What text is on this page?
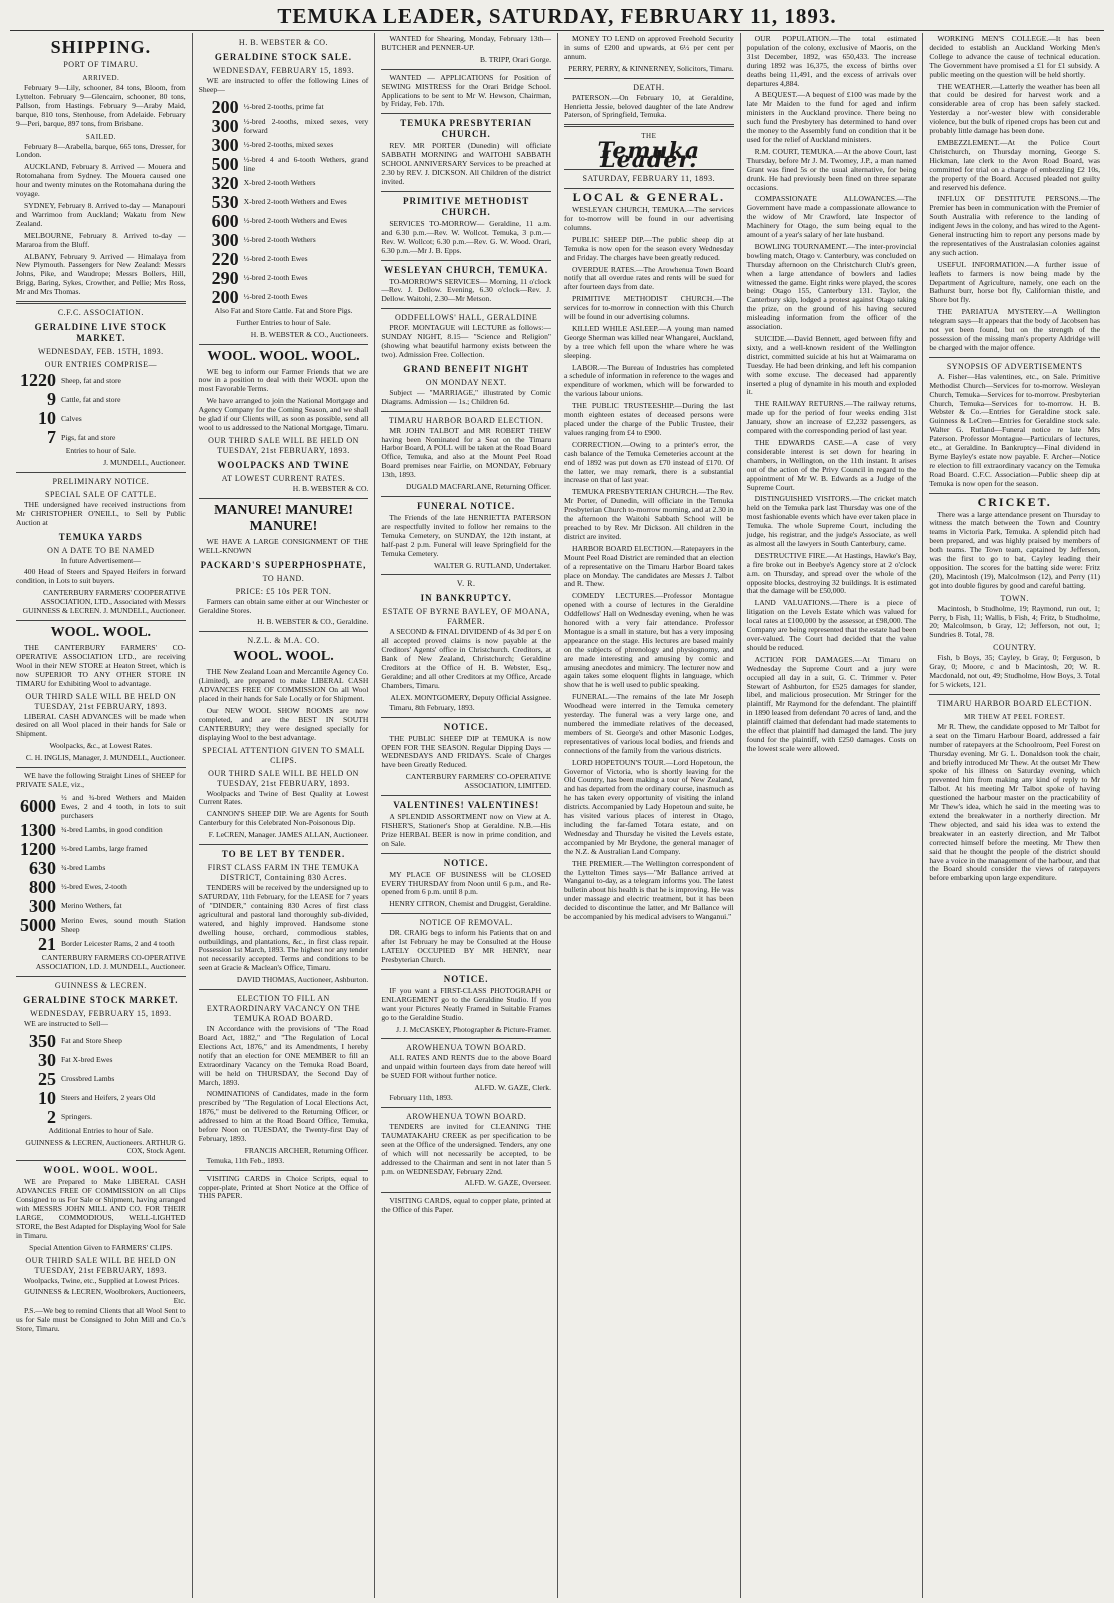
TEMUKA LEADER, SATURDAY, FEBRUARY 11, 1893.
SHIPPING.
PORT OF TIMARU.
ARRIVED.

February 9—Lily, schooner, 84 tons, Bloom, from Lyttelton. February 9—Glencairn, schooner, 80 tons, Pallson, from Hastings. February 9—Araby Maid, barque, 810 tons, Stenhouse, from Adelaide. February 9—Peri, barque, 897 tons, from Brisbane.

SAILED.

February 8—Arabella, barque, 665 tons, Dresser, for London.

AUCKLAND, February 8. Arrived — Mouera and Rotomahana from Sydney. The Mouera caused one hour and twenty minutes on the Rotomahana during the voyage.

SYDNEY, February 8. Arrived to-day — Manapouri and Warrimoo from Auckland; Wakatu from New Zealand.

MELBOURNE, February 8. Arrived to-day — Mararoa from the Bluff.

ALBANY, February 9. Arrived — Himalaya from New Plymouth. Passengers for New Zealand: Messrs Johns, Pike, and Waudrope; Messrs Bollers, Hill, Brigg, Baring, Sykes, Crowther, and Pellie; Mrs Ross, Mr and Mrs Thomas.

C.F.C. ASSOCIATION.
GERALDINE LIVE STOCK MARKET.
WEDNESDAY, FEB. 15TH, 1893.
OUR ENTRIES COMPRISE—
1220 Sheep, fat and store
9 Cattle, fat and store
10 Calves
7 Pigs, fat and store

Entries to hour of Sale.

J. MUNDELL, Auctioneer.
PRELIMINARY NOTICE.
SPECIAL SALE OF CATTLE.

THE undersigned have received instructions from Mr CHRISTOPHER O'NEILL, to Sell by Public Auction at

TEMUKA YARDS
ON A DATE TO BE NAMED

In future Advertisement—

400 Head of Steers and Spayed Heifers in forward condition, in Lots to suit buyers.

CANTERBURY FARMERS' COOPERATIVE ASSOCIATION, LTD., Associated with Messrs GUINNESS & LECREN. J. MUNDELL, Auctioneer.
WOOL. WOOL.

THE CANTERBURY FARMERS' CO-OPERATIVE ASSOCIATION LTD., are receiving Wool in their NEW STORE at Heaton Street, which is now SUPERIOR TO ANY OTHER STORE IN TIMARU for Exhibiting Wool to advantage.

OUR THIRD SALE WILL BE HELD ON TUESDAY, 21st FEBRUARY, 1893.

LIBERAL CASH ADVANCES will be made when desired on all Wool placed in their hands for Sale or Shipment.

Woolpacks, &c., at Lowest Rates.

C. H. INGLIS, Manager, J. MUNDELL, Auctioneer.

WE have the following Straight Lines of SHEEP for PRIVATE SALE, viz.,

6000 ½ and ¾-bred Wethers and Maiden Ewes, 2 and 4 tooth, in lots to suit purchasers
1300 ¾-bred Lambs, in good condition
1200 ½-bred Lambs, large framed
630 ¾-bred Lambs
800 ½-bred Ewes, 2-tooth
300 Merino Wethers, fat
5000 Merino Ewes, sound mouth Station Sheep
21 Border Leicester Rams, 2 and 4 tooth
CANTERBURY FARMERS CO-OPERATIVE ASSOCIATION, LD. J. MUNDELL, Auctioneer.
GUINNESS & LECREN.
GERALDINE STOCK MARKET.
WEDNESDAY, FEBRUARY 15, 1893.

WE are instructed to Sell—

350 Fat and Store Sheep
30 Fat X-bred Ewes
25 Crossbred Lambs
10 Steers and Heifers, 2 years Old
2 Springers.

Additional Entries to hour of Sale.

GUINNESS & LECREN, Auctioneers. ARTHUR G. COX, Stock Agent.
WOOL. WOOL. WOOL.

WE are Prepared to Make LIBERAL CASH ADVANCES FREE OF COMMISSION on all Clips Consigned to us For Sale or Shipment, having arranged with MESSRS JOHN MILL AND CO. FOR THEIR LARGE, COMMODIOUS, WELL-LIGHTED STORE, the Best Adapted for Displaying Wool for Sale in Timaru.

Special Attention Given to FARMERS' CLIPS.

OUR THIRD SALE WILL BE HELD ON TUESDAY, 21st FEBRUARY, 1893.

Woolpacks, Twine, etc., Supplied at Lowest Prices.

GUINNESS & LECREN, Woolbrokers, Auctioneers, Etc.

P.S.—We beg to remind Clients that all Wool Sent to us for Sale must be Consigned to John Mill and Co.'s Store, Timaru.

H. B. WEBSTER & CO.
GERALDINE STOCK SALE.
WEDNESDAY, FEBRUARY 15, 1893.

WE are instructed to offer the following Lines of Sheep—

200 ½-bred 2-tooths, prime fat
300 ½-bred 2-tooths, mixed sexes, very forward
300 ½-bred 2-tooths, mixed sexes
500 ½-bred 4 and 6-tooth Wethers, grand line
320 X-bred 2-tooth Wethers
530 X-bred 2-tooth Wethers and Ewes
600 ½-bred 2-tooth Wethers and Ewes
300 ½-bred 2-tooth Wethers
220 ½-bred 2-tooth Ewes
290 ½-bred 2-tooth Ewes
200 ½-bred 2-tooth Ewes

Also Fat and Store Cattle. Fat and Store Pigs.

Further Entries to hour of Sale.

H. B. WEBSTER & CO., Auctioneers.
WOOL. WOOL. WOOL.

WE beg to inform our Farmer Friends that we are now in a position to deal with their WOOL upon the most Favorable Terms.

We have arranged to join the National Mortgage and Agency Company for the Coming Season, and we shall be glad if our Clients will, as soon as possible, send all wool to us addressed to the National Mortgage, Timaru.

OUR THIRD SALE WILL BE HELD ON TUESDAY, 21st FEBRUARY, 1893.
WOOLPACKS AND TWINE
AT LOWEST CURRENT RATES.
H. B. WEBSTER & CO.
MANURE! MANURE! MANURE!

WE HAVE A LARGE CONSIGNMENT OF THE WELL-KNOWN

PACKARD'S SUPERPHOSPHATE,
TO HAND.
PRICE: £5 10s PER TON.

Farmers can obtain same either at our Winchester or Geraldine Stores.

H. B. WEBSTER & CO., Geraldine.
N.Z.L. & M.A. CO.
WOOL. WOOL.

THE New Zealand Loan and Mercantile Agency Co. (Limited), are prepared to make LIBERAL CASH ADVANCES FREE OF COMMISSION On all Wool placed in their hands for Sale Locally or for Shipment.

Our NEW WOOL SHOW ROOMS are now completed, and are the BEST IN SOUTH CANTERBURY; they were designed specially for displaying Wool to the best advantage.

SPECIAL ATTENTION GIVEN TO SMALL CLIPS.
OUR THIRD SALE WILL BE HELD ON TUESDAY, 21st FEBRUARY, 1893.

Woolpacks and Twine of Best Quality at Lowest Current Rates.

CANNON'S SHEEP DIP. We are Agents for South Canterbury for this Celebrated Non-Poisonous Dip.

F. LeCREN, Manager. JAMES ALLAN, Auctioneer.
TO BE LET BY TENDER.
FIRST CLASS FARM IN THE TEMUKA DISTRICT, Containing 830 Acres.

TENDERS will be received by the undersigned up to SATURDAY, 11th February, for the LEASE for 7 years of "DINDER," containing 830 Acres of first class agricultural and pastoral land thoroughly sub-divided, watered, and highly improved. Handsome stone dwelling house, orchard, commodious stables, outbuildings, and plantations, &c., in first class repair. Possession 1st March, 1893. The highest nor any tender not necessarily accepted. Terms and conditions to be seen at Gracie & Maclean's Office, Timaru.

DAVID THOMAS, Auctioneer, Ashburton.
ELECTION TO FILL AN EXTRAORDINARY VACANCY ON THE TEMUKA ROAD BOARD.

IN Accordance with the provisions of "The Road Board Act, 1882," and "The Regulation of Local Elections Act, 1876," and its Amendments, I hereby notify that an election for ONE MEMBER to fill an Extraordinary Vacancy on the Temuka Road Board, will be held on THURSDAY, the Second Day of March, 1893.

NOMINATIONS of Candidates, made in the form prescribed by "The Regulation of Local Elections Act, 1876," must be delivered to the Returning Officer, or addressed to him at the Road Board Office, Temuka, before Noon on TUESDAY, the Twenty-first Day of February, 1893.

FRANCIS ARCHER, Returning Officer.

Temuka, 11th Feb., 1893.

VISITING CARDS in Choice Scripts, equal to copper-plate, Printed at Short Notice at the Office of THIS PAPER.

WANTED for Shearing, Monday, February 13th—BUTCHER and PENNER-UP.

B. TRIPP, Orari Gorge.

WANTED — APPLICATIONS for Position of SEWING MISTRESS for the Orari Bridge School. Applications to be sent to Mr W. Hewson, Chairman, by Friday, Feb. 17th.

TEMUKA PRESBYTERIAN CHURCH.

REV. MR PORTER (Dunedin) will officiate SABBATH MORNING and WAITOHI SABBATH SCHOOL ANNIVERSARY Services to be preached at 2.30 by REV. J. DICKSON. All Children of the district invited.

PRIMITIVE METHODIST CHURCH.

SERVICES TO-MORROW— Geraldine, 11 a.m. and 6.30 p.m.—Rev. W. Wollcot. Temuka, 3 p.m.—Rev. W. Wollcot; 6.30 p.m.—Rev. G. W. Wood. Orari, 6.30 p.m.—Mr J. B. Epps.

WESLEYAN CHURCH, TEMUKA.

TO-MORROW'S SERVICES— Morning, 11 o'clock—Rev. J. Dellow. Evening, 6.30 o'clock—Rev. J. Dellow. Waitohi, 2.30—Mr Metson.

ODDFELLOWS' HALL, GERALDINE

PROF. MONTAGUE will LECTURE as follows:— SUNDAY NIGHT, 8.15— "Science and Religion" (showing what beautiful harmony exists between the two). Admission Free. Collection.

GRAND BENEFIT NIGHT
ON MONDAY NEXT.

Subject — "MARRIAGE," illustrated by Comic Diagrams. Admission — 1s.; Children 6d.

TIMARU HARBOR BOARD ELECTION.

MR JOHN TALBOT and MR ROBERT THEW having been Nominated for a Seat on the Timaru Harbor Board, A POLL will be taken at the Road Board Office, Temuka, and also at the Mount Peel Road Board premises near Fairlie, on MONDAY, February 13th, 1893.

DUGALD MACFARLANE, Returning Officer.
FUNERAL NOTICE.

The Friends of the late HENRIETTA PATERSON are respectfully invited to follow her remains to the Temuka Cemetery, on SUNDAY, the 12th instant, at half-past 2 p.m. Funeral will leave Springfield for the Temuka Cemetery.

WALTER G. RUTLAND, Undertaker.
V. R.
IN BANKRUPTCY.
ESTATE OF BYRNE BAYLEY, OF MOANA, FARMER.

A SECOND & FINAL DIVIDEND of 4s 3d per £ on all accepted proved claims is now payable at the Creditors' Agents' office in Christchurch. Creditors, at Bank of New Zealand, Christchurch; Geraldine Creditors at the Office of H. B. Webster, Esq., Geraldine; and all other Creditors at my Office, Arcade Chambers, Timaru.

ALEX. MONTGOMERY, Deputy Official Assignee.

Timaru, 8th February, 1893.

NOTICE.

THE PUBLIC SHEEP DIP at TEMUKA is now OPEN FOR THE SEASON. Regular Dipping Days — WEDNESDAYS AND FRIDAYS. Scale of Charges have been Greatly Reduced.

CANTERBURY FARMERS' CO-OPERATIVE ASSOCIATION, LIMITED.
VALENTINES! VALENTINES!

A SPLENDID ASSORTMENT now on View at A. FISHER'S, Stationer's Shop at Geraldine. N.B.—His Prize HERBAL BEER is now in prime condition, and on Sale.

NOTICE.

MY PLACE OF BUSINESS will be CLOSED EVERY THURSDAY from Noon until 6 p.m., and Re-opened from 6 p.m. until 8 p.m.

HENRY CITRON, Chemist and Druggist, Geraldine.
NOTICE OF REMOVAL.

DR. CRAIG begs to inform his Patients that on and after 1st February he may be Consulted at the House LATELY OCCUPIED BY MR HENRY, near Presbyterian Church.

NOTICE.

IF you want a FIRST-CLASS PHOTOGRAPH or ENLARGEMENT go to the Geraldine Studio. If you want your Pictures Neatly Framed in Suitable Frames go to the Geraldine Studio.

J. J. McCASKEY, Photographer & Picture-Framer.
AROWHENUA TOWN BOARD.

ALL RATES AND RENTS due to the above Board and unpaid within fourteen days from date hereof will be SUED FOR without further notice.

ALFD. W. GAZE, Clerk.

February 11th, 1893.

AROWHENUA TOWN BOARD.

TENDERS are invited for CLEANING THE TAUMATAKAHU CREEK as per specification to be seen at the Office of the undersigned. Tenders, any one of which will not necessarily be accepted, to be addressed to the Chairman and sent in not later than 5 p.m. on WEDNESDAY, February 22nd.

ALFD. W. GAZE, Overseer.

VISITING CARDS, equal to copper plate, printed at the Office of this Paper.

MONEY TO LEND on approved Freehold Security in sums of £200 and upwards, at 6½ per cent per annum.

PERRY, PERRY, & KINNERNEY, Solicitors, Timaru.
DEATH.

PATERSON.—On February 10, at Geraldine, Henrietta Jessie, beloved daughter of the late Andrew Paterson, of Springfield, Temuka.

THE
Temuka Leader.
SATURDAY, FEBRUARY 11, 1893.
LOCAL & GENERAL.

WESLEYAN CHURCH, TEMUKA.—The services for to-morrow will be found in our advertising columns.

PUBLIC SHEEP DIP.—The public sheep dip at Temuka is now open for the season every Wednesday and Friday. The charges have been greatly reduced.

OVERDUE RATES.—The Arowhenua Town Board notify that all overdue rates and rents will be sued for after fourteen days from date.

PRIMITIVE METHODIST CHURCH.—The services for to-morrow in connection with this Church will be found in our advertising columns.

KILLED WHILE ASLEEP.—A young man named George Sherman was killed near Whangarei, Auckland, by a tree which fell upon the whare where he was sleeping.

LABOR.—The Bureau of Industries has completed a schedule of information in reference to the wages and expenditure of workmen, which will be forwarded to the various labour unions.

THE PUBLIC TRUSTEESHIP.—During the last month eighteen estates of deceased persons were placed under the charge of the Public Trustee, their values ranging from £4 to £900.

CORRECTION.—Owing to a printer's error, the cash balance of the Temuka Cemeteries account at the end of 1892 was put down as £70 instead of £170. Of the latter, we may remark, there is a substantial increase on that of last year.

TEMUKA PRESBYTERIAN CHURCH.—The Rev. Mr Porter, of Dunedin, will officiate in the Temuka Presbyterian Church to-morrow morning, and at 2.30 in the afternoon the Waitohi Sabbath School will be preached to by Rev. Mr Dickson. All children in the district are invited.

HARBOR BOARD ELECTION.—Ratepayers in the Mount Peel Road District are reminded that an election of a representative on the Timaru Harbor Board takes place on Monday. The candidates are Messrs J. Talbot and R. Thew.

COMEDY LECTURES.—Professor Montague opened with a course of lectures in the Geraldine Oddfellows' Hall on Wednesday evening, when he was honored with a very fair attendance. Professor Montague is a small in stature, but has a very imposing appearance on the stage. His lectures are based mainly on the subjects of phrenology and physiognomy, and are made interesting and amusing by comic and amusing anecdotes and mimicry. The lecturer now and again takes some eloquent flights in language, which show that he is well used to public speaking.

FUNERAL.—The remains of the late Mr Joseph Woodhead were interred in the Temuka cemetery yesterday. The funeral was a very large one, and numbered the immediate relatives of the deceased, members of St. George's and other Masonic Lodges, representatives of various local bodies, and friends and connections of the family from the various districts.

LORD HOPETOUN'S TOUR.—Lord Hopetoun, the Governor of Victoria, who is shortly leaving for the Old Country, has been making a tour of New Zealand, and has departed from the ordinary course, inasmuch as he has taken every opportunity of visiting the inland districts. Accompanied by Lady Hopetoun and suite, he has visited various places of interest in Otago, including the far-famed Totara estate, and on Wednesday and Thursday he visited the Levels estate, accompanied by Mr Brydone, the general manager of the N.Z. & Australian Land Company.

THE PREMIER.—The Wellington correspondent of the Lyttelton Times says—"Mr Ballance arrived at Wanganui to-day, as a telegram informs you. The latest bulletin about his health is that he is improving. He was under massage and electric treatment, but it has been decided to discontinue the latter, and Mr Ballance will be accompanied by his medical advisers to Wanganui."

OUR POPULATION.—The total estimated population of the colony, exclusive of Maoris, on the 31st December, 1892, was 650,433. The increase during 1892 was 16,375, the excess of births over deaths being 11,491, and the excess of arrivals over departures 4,884.

A BEQUEST.—A bequest of £100 was made by the late Mr Maiden to the fund for aged and infirm ministers in the Auckland province. There being no such fund the Presbytery has determined to hand over the money to the Assembly fund on condition that it be used for the relief of Auckland ministers.

R.M. COURT, TEMUKA.—At the above Court, last Thursday, before Mr J. M. Twomey, J.P., a man named Grant was fined 5s or the usual alternative, for being drunk. He had previously been fined on three separate occasions.

COMPASSIONATE ALLOWANCES.—The Government have made a compassionate allowance to the widow of Mr Crawford, late Inspector of Machinery for Otago, the sum being equal to the amount of a year's salary of her late husband.

BOWLING TOURNAMENT.—The inter-provincial bowling match, Otago v. Canterbury, was concluded on Thursday afternoon on the Christchurch Club's green, when a large attendance of bowlers and ladies witnessed the game. Eight rinks were played, the scores being: Otago 155, Canterbury 131. Taylor, the Canterbury skip, lodged a protest against Otago taking the prize, on the ground of his having secured misleading information from the officer of the association.

SUICIDE.—David Bennett, aged between fifty and sixty, and a well-known resident of the Wellington district, committed suicide at his hut at Waimarama on Tuesday. He had been drinking, and left his companion with some excuse. The deceased had apparently inserted a plug of dynamite in his mouth and exploded it.

THE RAILWAY RETURNS.—The railway returns, made up for the period of four weeks ending 31st January, show an increase of £2,232 passengers, as compared with the corresponding period of last year.

THE EDWARDS CASE.—A case of very considerable interest is set down for hearing in chambers, in Wellington, on the 11th instant. It arises out of the action of the Privy Council in regard to the appointment of Mr W. B. Edwards as a Judge of the Supreme Court.

DISTINGUISHED VISITORS.—The cricket match held on the Temuka park last Thursday was one of the most fashionable events which have ever taken place in Temuka. The whole Supreme Court, including the judge, his registrar, and the judge's Associate, as well as almost all the lawyers in South Canterbury, came.

DESTRUCTIVE FIRE.—At Hastings, Hawke's Bay, a fire broke out in Beebye's Agency store at 2 o'clock a.m. on Thursday, and spread over the whole of the opposite blocks, destroying 32 buildings. It is estimated that the damage will be £50,000.

LAND VALUATIONS.—There is a piece of litigation on the Levels Estate which was valued for local rates at £100,000 by the assessor, at £98,000. The Company are being represented that the estate had been over-valued. The Court had decided that the value should be reduced.

ACTION FOR DAMAGES.—At Timaru on Wednesday the Supreme Court and a jury were occupied all day in a suit, G. C. Trimmer v. Peter Stewart of Ashburton, for £525 damages for slander, libel, and malicious prosecution. Mr Stringer for the plaintiff, Mr Raymond for the defendant. The plaintiff in 1890 leased from defendant 70 acres of land, and the plaintiff claimed that defendant had made statements to the effect that plaintiff had damaged the land. The jury found for the plaintiff, with £250 damages. Costs on the lowest scale were allowed.

WORKING MEN'S COLLEGE.—It has been decided to establish an Auckland Working Men's College to advance the cause of technical education. The Government have promised a £1 for £1 subsidy. A public meeting on the question will be held shortly.

THE WEATHER.—Latterly the weather has been all that could be desired for harvest work and a considerable area of crop has been safely stacked. Yesterday a nor'-wester blew with considerable violence, but the bulk of ripened crops has been cut and probably little damage has been done.

EMBEZZLEMENT.—At the Police Court Christchurch, on Thursday morning, George S. Hickman, late clerk to the Avon Road Board, was committed for trial on a charge of embezzling £2 10s, the property of the Board. Accused pleaded not guilty and reserved his defence.

INFLUX OF DESTITUTE PERSONS.—The Premier has been in communication with the Premier of South Australia with reference to the landing of indigent Jews in the colony, and has wired to the Agent-General instructing him to report any persons made by the representatives of the Australasian colonies against any such action.

USEFUL INFORMATION.—A further issue of leaflets to farmers is now being made by the Department of Agriculture, namely, one each on the Bathurst burr, horse bot fly, Californian thistle, and Shore bot fly.

THE PARIATUA MYSTERY.—A Wellington telegram says—It appears that the body of Jacobsen has not yet been found, but on the strength of the possession of the missing man's property Aldridge will be charged with the major offence.

SYNOPSIS OF ADVERTISEMENTS

A. Fisher—Has valentines, etc., on Sale. Primitive Methodist Church—Services for to-morrow. Wesleyan Church, Temuka—Services for to-morrow. Presbyterian Church, Temuka—Services for to-morrow. H. B. Webster & Co.—Entries for Geraldine stock sale. Guinness & LeCren—Entries for Geraldine stock sale. Walter G. Rutland—Funeral notice re late Mrs Paterson. Professor Montague—Particulars of lectures, etc., at Geraldine. In Bankruptcy—Final dividend in Byrne Bayley's estate now payable. F. Archer—Notice re election to fill extraordinary vacancy on the Temuka Road Board. C.F.C. Association—Public sheep dip at Temuka is now open for the season.

CRICKET.

There was a large attendance present on Thursday to witness the match between the Town and Country teams in Victoria Park, Temuka. A splendid pitch had been prepared, and was highly praised by members of both teams. The Town team, captained by Jefferson, was the first to go to bat, Cayley leading their opposition. The scores for the batting side were: Fritz (20), Macintosh (19), Malcolmson (12), and Perry (11) got into double figures by good and careful batting.

TOWN.

Macintosh, b Studholme, 19; Raymond, run out, 1; Perry, b Fish, 11; Wallis, b Fish, 4; Fritz, b Studholme, 20; Malcolmson, b Gray, 12; Jefferson, not out, 1; Sundries 8. Total, 78.

COUNTRY.

Fish, b Boys, 35; Cayley, b Gray, 0; Ferguson, b Gray, 0; Moore, c and b Macintosh, 20; W. R. Macdonald, not out, 49; Studholme, How Boys, 3. Total for 5 wickets, 121.

TIMARU HARBOR BOARD ELECTION.
MR THEW AT PEEL FOREST.

Mr R. Thew, the candidate opposed to Mr Talbot for a seat on the Timaru Harbour Board, addressed a fair number of ratepayers at the Schoolroom, Peel Forest on Thursday evening. Mr G. L. Donaldson took the chair, and briefly introduced Mr Thew. At the outset Mr Thew spoke of his illness on Saturday evening, which prevented him from making any kind of reply to Mr Talbot. At his meeting Mr Talbot spoke of having questioned the harbour master on the practicability of Mr Thew's idea, which he said in the meeting was to extend the breakwater in a northerly direction. Mr Thew objected, and said his idea was to extend the breakwater in an easterly direction, and Mr Talbot corrected himself before the meeting. Mr Thew then said that he thought the people of the district should have a voice in the management of the harbour, and that the Board should consider the views of ratepayers before embarking upon large expenditure.
